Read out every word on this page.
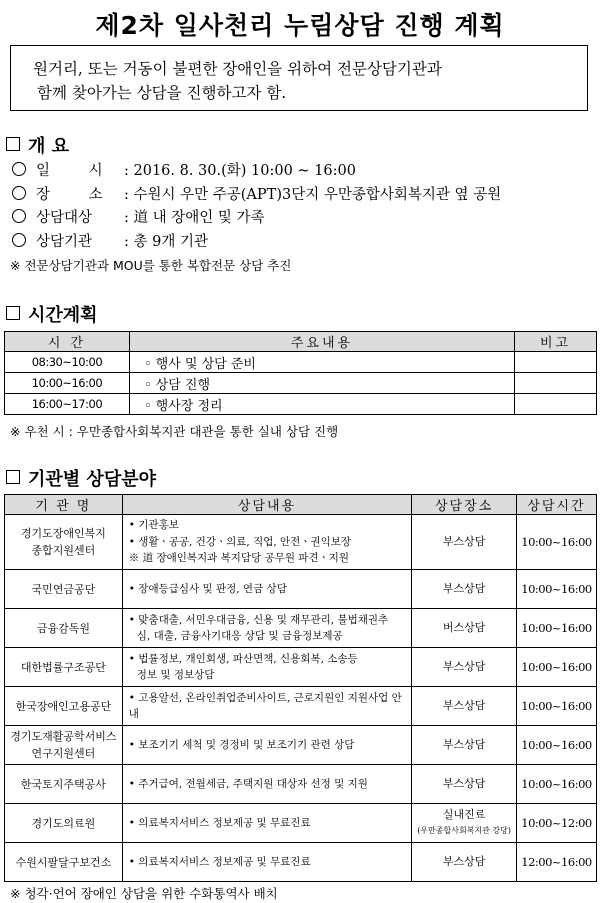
제2차 일사천리 누림상담 진행 계획

원거리, 또는 거동이 불편한 장애인을 위하여 전문상담기관과

함께 찾아가는 상담을 진행하고자 함.

개 요
일 시 : 2016. 8. 30.(화) 10:00 ~ 16:00
장 소 : 수원시 우만 주공(APT)3단지 우만종합사회복지관 옆 공원
상담대상 : 道 내 장애인 및 가족
상담기관 : 총 9개 기관
※ 전문상담기관과 MOU를 통한 복합전문 상담 추진
시간계획
시 간	주요내용	비고
08:30~10:00	◦ 행사 및 상담 준비	
10:00~16:00	◦ 상담 진행	
16:00~17:00	◦ 행사장 정리	
※ 우천 시 : 우만종합사회복지관 대관을 통한 실내 상담 진행
기관별 상담분야
기 관 명	상담내용	상담장소	상담시간

경기도장애인복지
종합지원센터	• 기관홍보
• 생활ㆍ공공, 건강ㆍ의료, 직업, 안전ㆍ권익보장
※ 道 장애인복지과 복지담당 공무원 파견ㆍ지원	부스상담	10:00~16:00
국민연금공단	• 장애등급심사 및 판정, 연금 상담	부스상담	10:00~16:00
금융감독원	• 맞춤대출, 서민우대금융, 신용 및 재무관리, 불법채권추
심, 대출, 금융사기대응 상담 및 금융정보제공	버스상담	10:00~16:00
대한법률구조공단	• 법률정보, 개인회생, 파산면책, 신용회복, 소송등
정보 및 정보상담	부스상담	10:00~16:00
한국장애인고용공단	• 고용알선, 온라인취업준비사이트, 근로지원인 지원사업 안내	부스상담	10:00~16:00

경기도재활공학서비스
연구지원센터	• 보조기기 세척 및 경정비 및 보조기기 관련 상담	부스상담	10:00~16:00
한국토지주택공사	• 주거급여, 전월세금, 주택지원 대상자 선정 및 지원	부스상담	10:00~16:00
경기도의료원	• 의료복지서비스 정보제공 및 무료진료	실내진료
(우만종합사회복지관 강당)	10:00~12:00
수원시팔달구보건소	• 의료복지서비스 정보제공 및 무료진료	부스상담	12:00~16:00
※ 청각·언어 장애인 상담을 위한 수화통역사 배치
